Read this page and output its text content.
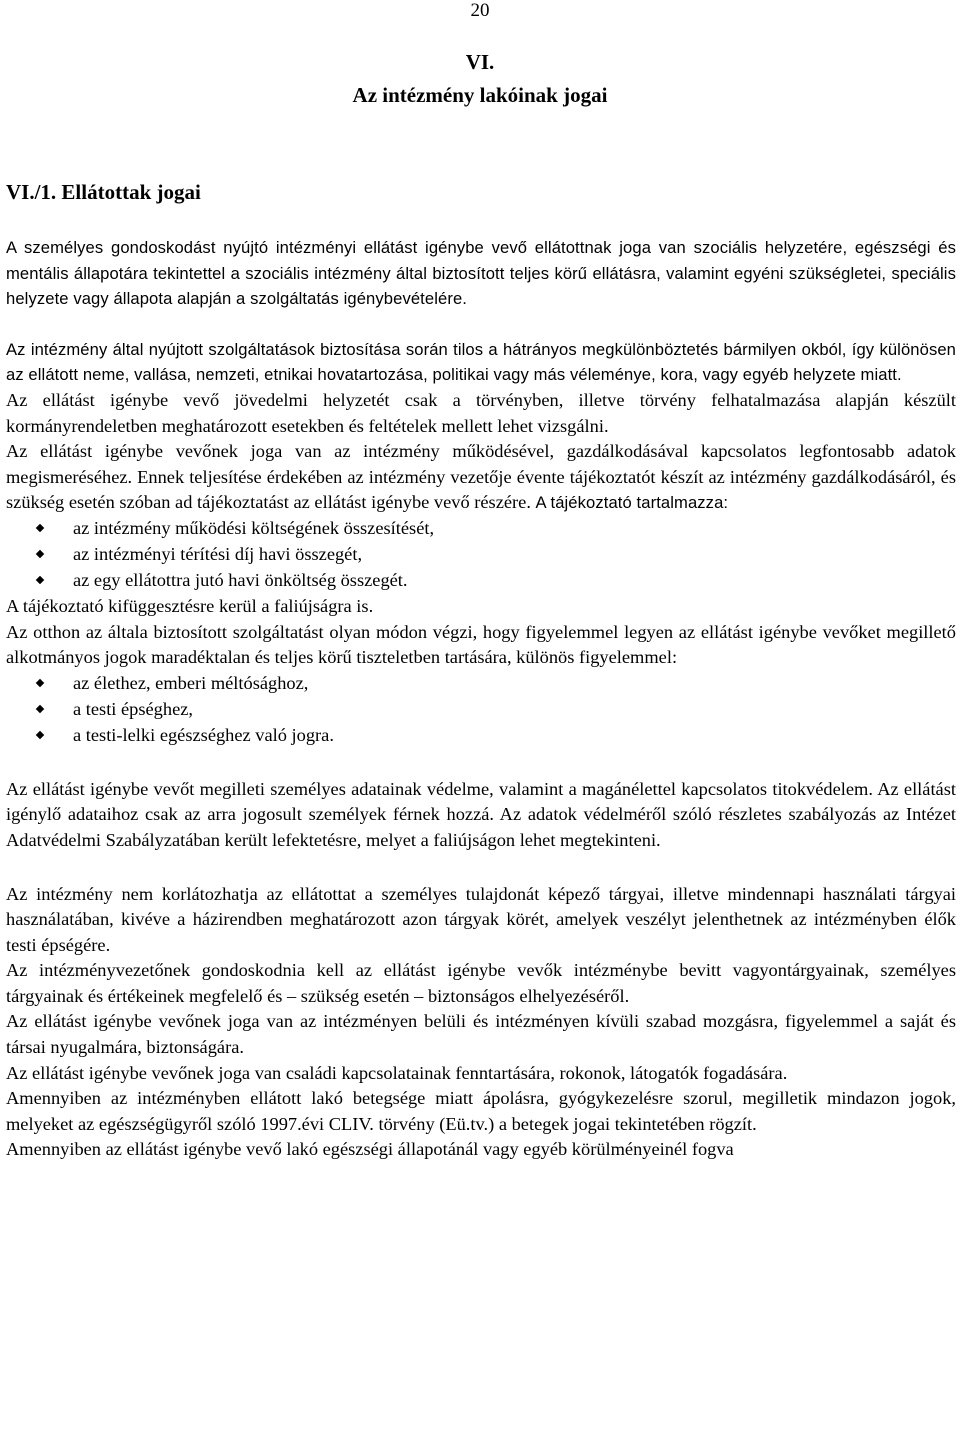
20
VI.
Az intézmény lakóinak jogai
VI./1. Ellátottak jogai

A személyes gondoskodást nyújtó intézményi ellátást igénybe vevő ellátottnak joga van szociális helyzetére, egészségi és mentális állapotára tekintettel a szociális intézmény által biztosított teljes körű ellátásra, valamint egyéni szükségletei, speciális helyzete vagy állapota alapján a szolgáltatás igénybevételére.

Az intézmény által nyújtott szolgáltatások biztosítása során tilos a hátrányos megkülönböztetés bármilyen okból, így különösen az ellátott neme, vallása, nemzeti, etnikai hovatartozása, politikai vagy más véleménye, kora, vagy egyéb helyzete miatt.

Az ellátást igénybe vevő jövedelmi helyzetét csak a törvényben, illetve törvény felhatalmazása alapján készült kormányrendeletben meghatározott esetekben és feltételek mellett lehet vizsgálni.

Az ellátást igénybe vevőnek joga van az intézmény működésével, gazdálkodásával kapcsolatos legfontosabb adatok megismeréséhez. Ennek teljesítése érdekében az intézmény vezetője évente tájékoztatót készít az intézmény gazdálkodásáról, és szükség esetén szóban ad tájékoztatást az ellátást igénybe vevő részére. A tájékoztató tartalmazza:

az intézmény működési költségének összesítését,
az intézményi térítési díj havi összegét,
az egy ellátottra jutó havi önköltség összegét.

A tájékoztató kifüggesztésre kerül a faliújságra is.

Az otthon az általa biztosított szolgáltatást olyan módon végzi, hogy figyelemmel legyen az ellátást igénybe vevőket megillető alkotmányos jogok maradéktalan és teljes körű tiszteletben tartására, különös figyelemmel:

az élethez, emberi méltósághoz,
a testi épséghez,
a testi-lelki egészséghez való jogra.

Az ellátást igénybe vevőt megilleti személyes adatainak védelme, valamint a magánélettel kapcsolatos titokvédelem. Az ellátást igénylő adataihoz csak az arra jogosult személyek férnek hozzá. Az adatok védelméről szóló részletes szabályozás az Intézet Adatvédelmi Szabályzatában került lefektetésre, melyet a faliújságon lehet megtekinteni.

Az intézmény nem korlátozhatja az ellátottat a személyes tulajdonát képező tárgyai, illetve mindennapi használati tárgyai használatában, kivéve a házirendben meghatározott azon tárgyak körét, amelyek veszélyt jelenthetnek az intézményben élők testi épségére.

Az intézményvezetőnek gondoskodnia kell az ellátást igénybe vevők intézménybe bevitt vagyontárgyainak, személyes tárgyainak és értékeinek megfelelő és – szükség esetén – biztonságos elhelyezéséről.

Az ellátást igénybe vevőnek joga van az intézményen belüli és intézményen kívüli szabad mozgásra, figyelemmel a saját és társai nyugalmára, biztonságára.

Az ellátást igénybe vevőnek joga van családi kapcsolatainak fenntartására, rokonok, látogatók fogadására.

Amennyiben az intézményben ellátott lakó betegsége miatt ápolásra, gyógykezelésre szorul, megilletik mindazon jogok, melyeket az egészségügyről szóló 1997.évi CLIV. törvény (Eü.tv.) a betegek jogai tekintetében rögzít.

Amennyiben az ellátást igénybe vevő lakó egészségi állapotánál vagy egyéb körülményeinél fogva
